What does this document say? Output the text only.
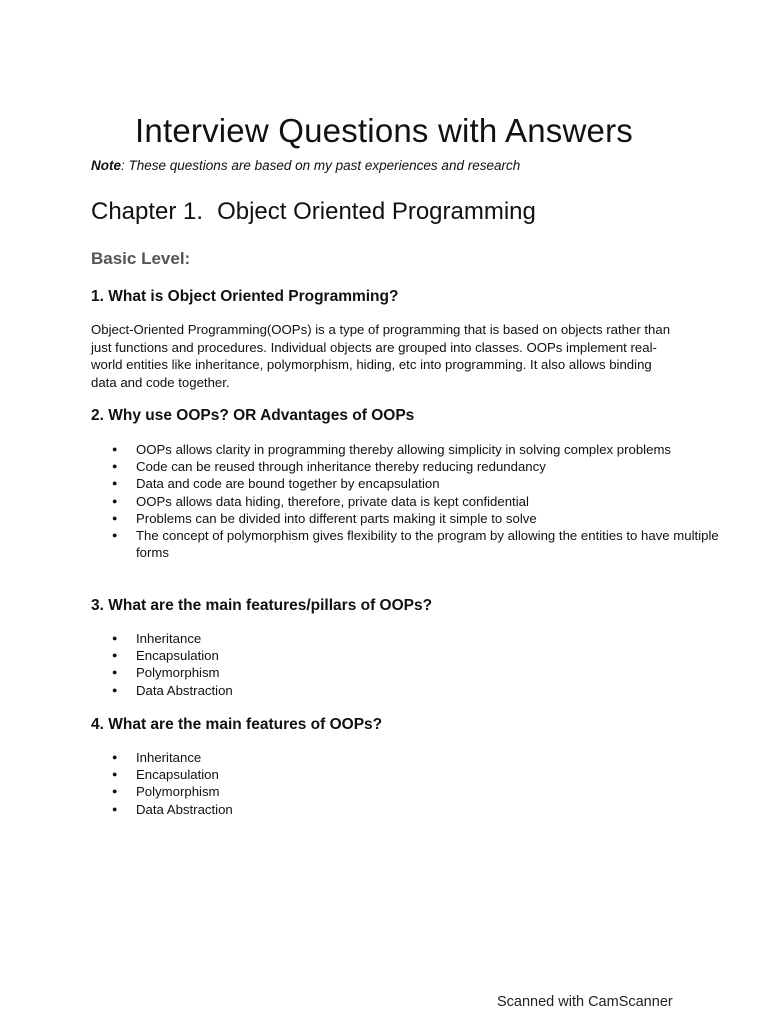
Interview Questions with Answers

Note: These questions are based on my past experiences and research

Chapter 1. Object Oriented Programming
Basic Level:
1. What is Object Oriented Programming?

Object-Oriented Programming(OOPs) is a type of programming that is based on objects rather than just functions and procedures. Individual objects are grouped into classes. OOPs implement real-world entities like inheritance, polymorphism, hiding, etc into programming. It also allows binding data and code together.

2. Why use OOPs? OR Advantages of OOPs
● OOPs allows clarity in programming thereby allowing simplicity in solving complex problems
● Code can be reused through inheritance thereby reducing redundancy
● Data and code are bound together by encapsulation
● OOPs allows data hiding, therefore, private data is kept confidential
● Problems can be divided into different parts making it simple to solve
● The concept of polymorphism gives flexibility to the program by allowing the entities to have multiple forms
3. What are the main features/pillars of OOPs?
● Inheritance
● Encapsulation
● Polymorphism
● Data Abstraction
4. What are the main features of OOPs?
● Inheritance
● Encapsulation
● Polymorphism
● Data Abstraction

Scanned with CamScanner
